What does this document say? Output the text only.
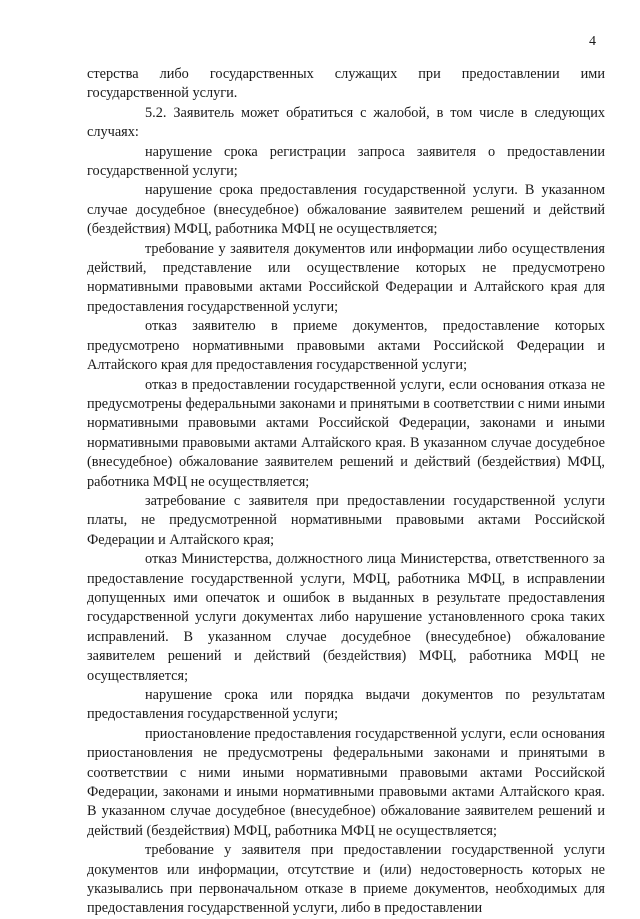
4

стерства либо государственных служащих при предоставлении ими государственной услуги.

5.2. Заявитель может обратиться с жалобой, в том числе в следующих случаях:

нарушение срока регистрации запроса заявителя о предоставлении государственной услуги;

нарушение срока предоставления государственной услуги. В указанном случае досудебное (внесудебное) обжалование заявителем решений и действий (бездействия) МФЦ, работника МФЦ не осуществляется;

требование у заявителя документов или информации либо осуществления действий, представление или осуществление которых не предусмотрено нормативными правовыми актами Российской Федерации и Алтайского края для предоставления государственной услуги;

отказ заявителю в приеме документов, предоставление которых предусмотрено нормативными правовыми актами Российской Федерации и Алтайского края для предоставления государственной услуги;

отказ в предоставлении государственной услуги, если основания отказа не предусмотрены федеральными законами и принятыми в соответствии с ними иными нормативными правовыми актами Российской Федерации, законами и иными нормативными правовыми актами Алтайского края. В указанном случае досудебное (внесудебное) обжалование заявителем решений и действий (бездействия) МФЦ, работника МФЦ не осуществляется;

затребование с заявителя при предоставлении государственной услуги платы, не предусмотренной нормативными правовыми актами Российской Федерации и Алтайского края;

отказ Министерства, должностного лица Министерства, ответственного за предоставление государственной услуги, МФЦ, работника МФЦ, в исправлении допущенных ими опечаток и ошибок в выданных в результате предоставления государственной услуги документах либо нарушение установленного срока таких исправлений. В указанном случае досудебное (внесудебное) обжалование заявителем решений и действий (бездействия) МФЦ, работника МФЦ не осуществляется;

нарушение срока или порядка выдачи документов по результатам предоставления государственной услуги;

приостановление предоставления государственной услуги, если основания приостановления не предусмотрены федеральными законами и принятыми в соответствии с ними иными нормативными правовыми актами Российской Федерации, законами и иными нормативными правовыми актами Алтайского края. В указанном случае досудебное (внесудебное) обжалование заявителем решений и действий (бездействия) МФЦ, работника МФЦ не осуществляется;

требование у заявителя при предоставлении государственной услуги документов или информации, отсутствие и (или) недостоверность которых не указывались при первоначальном отказе в приеме документов, необходимых для предоставления государственной услуги, либо в предоставлении
